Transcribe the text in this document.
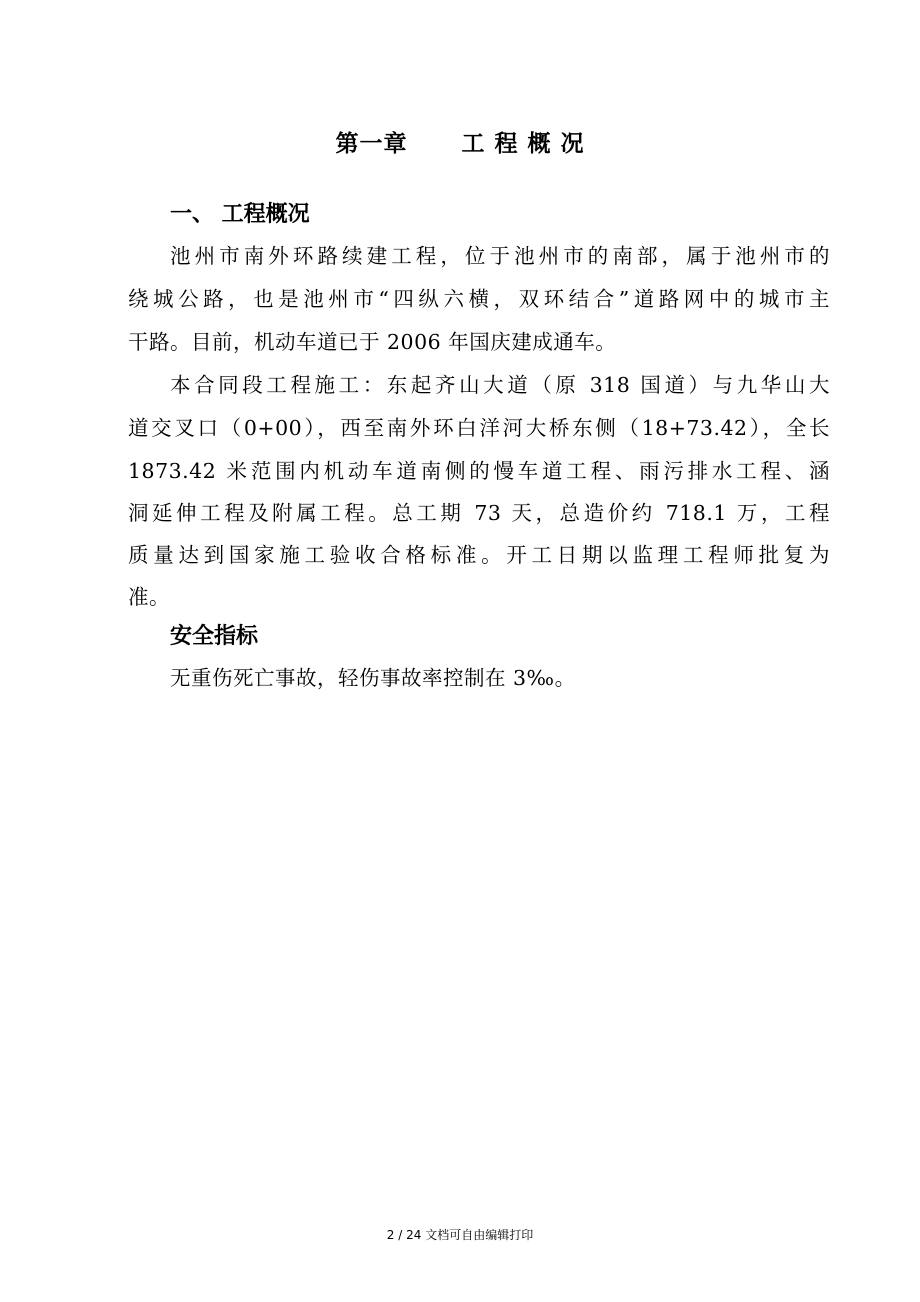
第一章      工 程 概 况
一、 工程概况
池州市南外环路续建工程，位于池州市的南部，属于池州市的
绕城公路，也是池州市“四纵六横，双环结合”道路网中的城市主
干路。目前，机动车道已于 2006 年国庆建成通车。
本合同段工程施工：东起齐山大道（原 318 国道）与九华山大
道交叉口（0+00），西至南外环白洋河大桥东侧（18+73.42），全长
1873.42 米范围内机动车道南侧的慢车道工程、雨污排水工程、涵
洞延伸工程及附属工程。总工期 73 天，总造价约 718.1 万，工程
质量达到国家施工验收合格标准。开工日期以监理工程师批复为
准。
安全指标
无重伤死亡事故，轻伤事故率控制在 3‰。
2 / 24 文档可自由编辑打印
